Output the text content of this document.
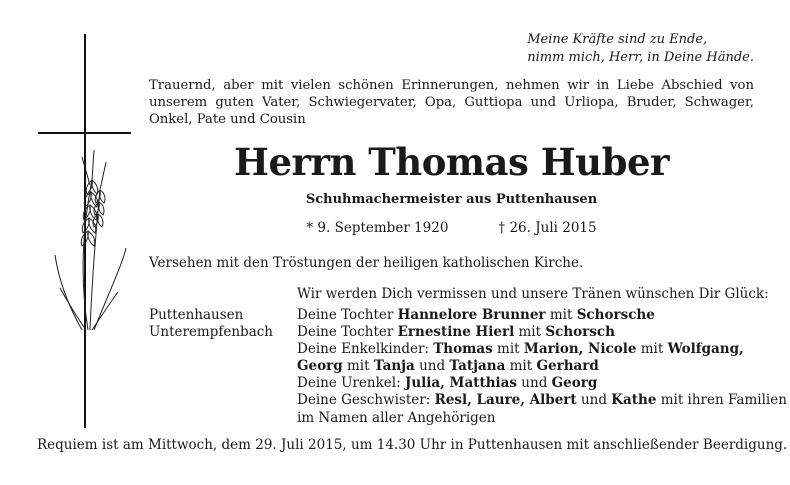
Meine Kräfte sind zu Ende,
nimm mich, Herr, in Deine Hände.
Trauernd, aber mit vielen schönen Erinnerungen, nehmen wir in Liebe Abschied von unserem guten Vater, Schwiegervater, Opa, Guttiopa und Urliopa, Bruder, Schwager, Onkel, Pate und Cousin
Herrn Thomas Huber
Schuhmachermeister aus Puttenhausen
* 9. September 1920	† 26. Juli 2015
Versehen mit den Tröstungen der heiligen katholischen Kirche.
Wir werden Dich vermissen und unsere Tränen wünschen Dir Glück:
Puttenhausen
Unterempfenbach
Deine Tochter Hannelore Brunner mit Schorsche
Deine Tochter Ernestine Hierl mit Schorsch
Deine Enkelkinder: Thomas mit Marion, Nicole mit Wolfgang,
Georg mit Tanja und Tatjana mit Gerhard
Deine Urenkel: Julia, Matthias und Georg
Deine Geschwister: Resl, Laure, Albert und Kathe mit ihren Familien
im Namen aller Angehörigen
Requiem ist am Mittwoch, dem 29. Juli 2015, um 14.30 Uhr in Puttenhausen mit anschließender Beerdigung.
